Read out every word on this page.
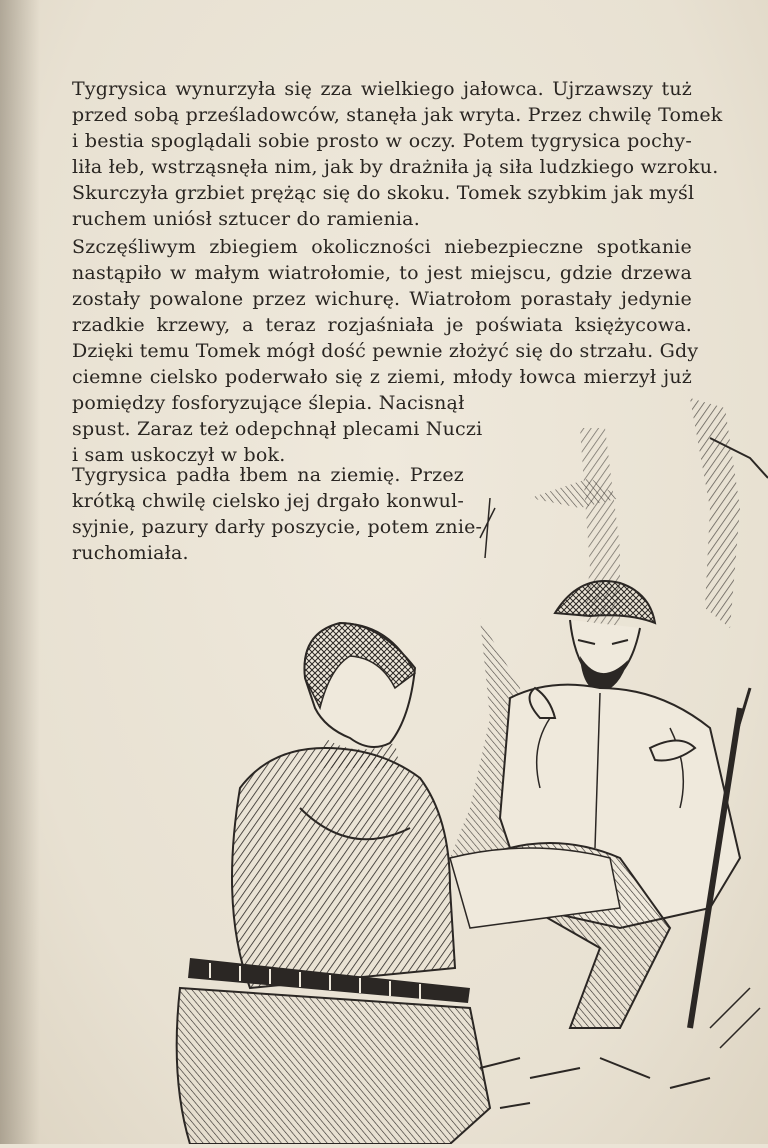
Tygrysica wynurzyła się zza wielkiego jałowca. Ujrzawszy tuż
przed sobą prześladowców, stanęła jak wryta. Przez chwilę Tomek
i bestia spoglądali sobie prosto w oczy. Potem tygrysica pochy-
liła łeb, wstrząsnęła nim, jak by drażniła ją siła ludzkiego wzroku.
Skurczyła grzbiet prężąc się do skoku. Tomek szybkim jak myśl
ruchem uniósł sztucer do ramienia.
Szczęśliwym zbiegiem okoliczności niebezpieczne spotkanie
nastąpiło w małym wiatrołomie, to jest miejscu, gdzie drzewa
zostały powalone przez wichurę. Wiatrołom porastały jedynie
rzadkie krzewy, a teraz rozjaśniała je poświata księżycowa.
Dzięki temu Tomek mógł dość pewnie złożyć się do strzału. Gdy
ciemne cielsko poderwało się z ziemi, młody łowca mierzył już
pomiędzy fosforyzujące ślepia. Nacisnął
spust. Zaraz też odepchnął plecami Nuczi
i sam uskoczył w bok.
Tygrysica padła łbem na ziemię. Przez
krótką chwilę cielsko jej drgało konwul-
syjnie, pazury darły poszycie, potem znie-
ruchomiała.
